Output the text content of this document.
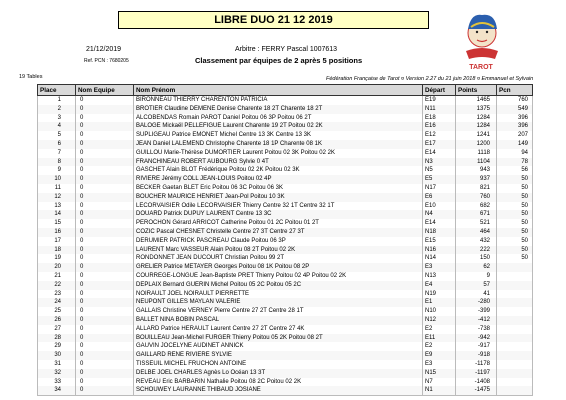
LIBRE DUO 21 12 2019
TAROT
21/12/2019	Arbitre : FERRY Pascal 1007613
Ref. PCN : 7680205	Classement par équipes de 2 après 5 positions
19 Tables	Fédération Française de Tarot ¤ Version 2.27 du 21 juin 2018 ¤ Emmanuel et Sylvain
Place	Nom Equipe	Nom Prénom	Départ	Points	Pcn
1	0	BIRONNEAU THIERRY CHARENTON PATRICIA	E19	1465	760
2	0	BROTIER Claudine DEMENE Denise Charente 18 2T Charente 18 2T	N11	1375	549
3	0	ALCOBENDAS Romain PAROT Daniel Poitou 06 3P Poitou 06 2T	E18	1284	396
4	0	BALOGE Mickaël PELLEFIGUE Laurent Charente 19 2T Poitou 02 2K	E16	1284	396
5	0	SUPLIGEAU Patrice EMONET Michel Centre 13 3K Centre 13 3K	E12	1241	207
6	0	JEAN Daniel LALEMEND Christophe Charente 18 1P Charente 08 1K	E17	1200	149
7	0	GUILLOU Marie-Thérèse DUMORTIER Laurent Poitou 02 3K Poitou 02 2K	E14	1118	94
8	0	FRANCHINEAU ROBERT AUBOURG Sylvie 0 4T	N3	1104	78
9	0	GASCHET Alain BLOT Frédérique Poitou 02 2K Poitou 02 3K	N5	943	56
10	0	RIVIERE Jérémy COLL JEAN-LOUIS Poitou 02 4P	E5	937	50
11	0	BECKER Gaetan BLET Eric Poitou 06 3C Poitou 06 3K	N17	821	50
12	0	BOUCHER MAURICE HENRIET Jean-Pol Poitou 10 3K	E6	760	50
13	0	LECORVAISIER Odile LECORVAISIER Thierry Centre 32 1T Centre 32 1T	E10	682	50
14	0	DOUARD Patrick DUPUY LAURENT Centre 13 3C	N4	671	50
15	0	PEROCHON Gérard ARRICOT Catherine Poitou 01 2C Poitou 01 2T	E14	521	50
16	0	COZIC Pascal CHESNET Christelle Centre 27 3T Centre 27 3T	N18	464	50
17	0	DERUMIER PATRICK PASCREAU Claude Poitou 06 3P	E15	432	50
18	0	LAURENT Marc VASSEUR Alain Poitou 08 2T Poitou 02 2K	N16	222	50
19	0	RONDONNET JEAN DUCOURT Christian Poitou 99 2T	N14	150	50
20	0	GRELIER Patrice METAYER Georges Poitou 08 1K Poitou 08 2P	E3	62	
21	0	COURREGE-LONGUE Jean-Baptiste PRET Thierry Poitou 02 4P Poitou 02 2K	N13	9	
22	0	DEPLAIX Bernard GUERIN Michel Poitou 05 2C Poitou 05 2C	E4	57	
23	0	NOIRAULT JOEL NOIRAULT PIERRETTE	N19	41	
24	0	NEUPONT GILLES MAYLAN VALERIE	E1	-280	
25	0	GALLAIS Christine VERNEY Pierre Centre 27 2T Centre 28 1T	N10	-399	
26	0	BALLET NINA BOBIN PASCAL	N12	-412	
27	0	ALLARD Patrice HERAULT Laurent Centre 27 2T Centre 27 4K	E2	-738	
28	0	BOUILLEAU Jean-Michel FURGER Thierry Poitou 05 2K Poitou 08 2T	E11	-942	
29	0	GAUVIN JOCELYNE AUDINET ANNICK	E2	-917	
30	0	GAILLARD RENE RIVIERE SYLVIE	E9	-918	
31	0	TISSEUIL MICHEL FRUCHON ANTOINE	E3	-1178	
32	0	DELBE JOEL CHARLES Agnès Lo Océan 13 3T	N15	-1197	
33	0	REVEAU Eric BARBARIN Nathalie Poitou 08 2C Poitou 02 2K	N7	-1408	
34	0	SCHOUWEY LAURANNE THIBAUD JOSIANE	N1	-1475	
